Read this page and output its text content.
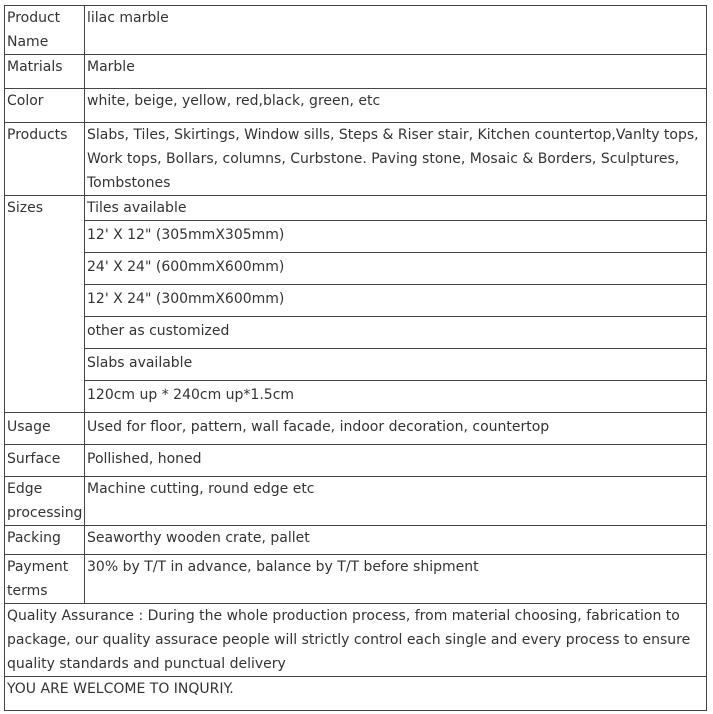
Product Name	lilac marble
Matrials	Marble
Color	white, beige, yellow, red,black, green, etc
Products	Slabs, Tiles, Skirtings, Window sills, Steps & Riser stair, Kitchen countertop,Vanlty tops, Work tops, Bollars, columns, Curbstone. Paving stone, Mosaic & Borders, Sculptures, Tombstones
Sizes	Tiles available
	12' X 12" (305mmX305mm)
	24' X 24" (600mmX600mm)
	12' X 24" (300mmX600mm)
	other as customized
	Slabs available
	120cm up * 240cm up*1.5cm
Usage	Used for floor, pattern, wall facade, indoor decoration, countertop
Surface	Pollished, honed
Edge processing	Machine cutting, round edge etc
Packing	Seaworthy wooden crate, pallet
Payment terms	30% by T/T in advance, balance by T/T before shipment
Quality Assurance : During the whole production process, from material choosing, fabrication to package, our quality assurace people will strictly control each single and every process to ensure quality standards and punctual delivery	
YOU ARE WELCOME TO INQURIY.	
